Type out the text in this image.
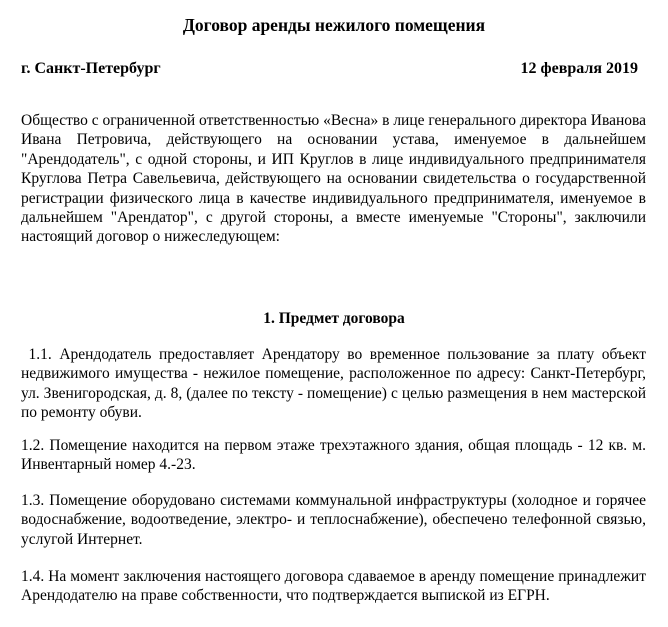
Договор аренды нежилого помещения
г. Санкт-Петербург	12 февраля 2019
Общество с ограниченной ответственностью «Весна» в лице генерального директора Иванова Ивана Петровича, действующего на основании устава, именуемое в дальнейшем "Арендодатель", с одной стороны, и ИП Круглов в лице индивидуального предпринимателя Круглова Петра Савельевича, действующего на основании свидетельства о государственной регистрации физического лица в качестве индивидуального предпринимателя, именуемое в дальнейшем "Арендатор", с другой стороны, а вместе именуемые "Стороны", заключили настоящий договор о нижеследующем:
1. Предмет договора
1.1. Арендодатель предоставляет Арендатору во временное пользование за плату объект недвижимого имущества - нежилое помещение, расположенное по адресу: Санкт-Петербург, ул. Звенигородская, д. 8, (далее по тексту - помещение) с целью размещения в нем мастерской по ремонту обуви.
1.2. Помещение находится на первом этаже трехэтажного здания, общая площадь - 12 кв. м. Инвентарный номер 4.-23.
1.3. Помещение оборудовано системами коммунальной инфраструктуры (холодное и горячее водоснабжение, водоотведение, электро- и теплоснабжение), обеспечено телефонной связью, услугой Интернет.
1.4. На момент заключения настоящего договора сдаваемое в аренду помещение принадлежит Арендодателю на праве собственности, что подтверждается выпиской из ЕГРН.
